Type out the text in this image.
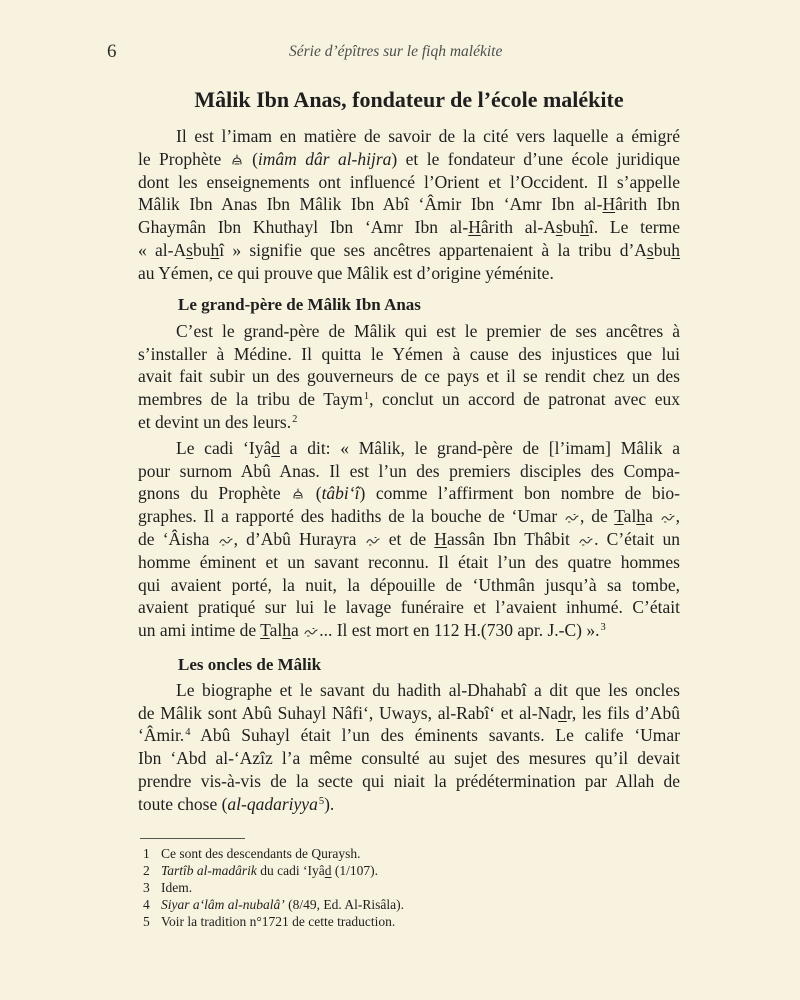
6	Série d’épîtres sur le fiqh malékite
Mâlik Ibn Anas, fondateur de l’école malékite
Il est l’imam en matière de savoir de la cité vers laquelle a émigré
le Prophète  (imâm dâr al-hijra) et le fondateur d’une école juridique
dont les enseignements ont influencé l’Orient et l’Occident. Il s’appelle
Mâlik Ibn Anas Ibn Mâlik Ibn Abî ‘Âmir Ibn ‘Amr Ibn al-Hârith Ibn
Ghaymân Ibn Khuthayl Ibn ‘Amr Ibn al-Hârith al-Asbuhî. Le terme
« al-Asbuhî » signifie que ses ancêtres appartenaient à la tribu d’Asbuh
au Yémen, ce qui prouve que Mâlik est d’origine yéménite.
Le grand-père de Mâlik Ibn Anas
C’est le grand-père de Mâlik qui est le premier de ses ancêtres à
s’installer à Médine. Il quitta le Yémen à cause des injustices que lui
avait fait subir un des gouverneurs de ce pays et il se rendit chez un des
membres de la tribu de Taym$^1$, conclut un accord de patronat avec eux
et devint un des leurs.$^2$
Le cadi ‘Iyâd a dit: « Mâlik, le grand-père de [l’imam] Mâlik a
pour surnom Abû Anas. Il est l’un des premiers disciples des Compa-
gnons du Prophète  (tâbi‘î) comme l’affirment bon nombre de bio-
graphes. Il a rapporté des hadiths de la bouche de ‘Umar , de Talha ,
de ‘Âisha , d’Abû Hurayra  et de Hassân Ibn Thâbit . C’était un
homme éminent et un savant reconnu. Il était l’un des quatre hommes
qui avaient porté, la nuit, la dépouille de ‘Uthmân jusqu’à sa tombe,
avaient pratiqué sur lui le lavage funéraire et l’avaient inhumé. C’était
un ami intime de Talha ... Il est mort en 112 H.(730 apr. J.-C) ».$^3$
Les oncles de Mâlik
Le biographe et le savant du hadith al-Dhahabî a dit que les oncles
de Mâlik sont Abû Suhayl Nâfi‘, Uways, al-Rabî‘ et al-Nadr, les fils d’Abû
‘Âmir.$^4$ Abû Suhayl était l’un des éminents savants. Le calife ‘Umar
Ibn ‘Abd al-‘Azîz l’a même consulté au sujet des mesures qu’il devait
prendre vis-à-vis de la secte qui niait la prédétermination par Allah de
toute chose (al-qadariyya$^5$).
1 Ce sont des descendants de Quraysh.
2 Tartîb al-madârik du cadi ‘Iyâd (1/107).
3 Idem.
4 Siyar a‘lâm al-nubalâ’ (8/49, Ed. Al-Risâla).
5 Voir la tradition n°1721 de cette traduction.
